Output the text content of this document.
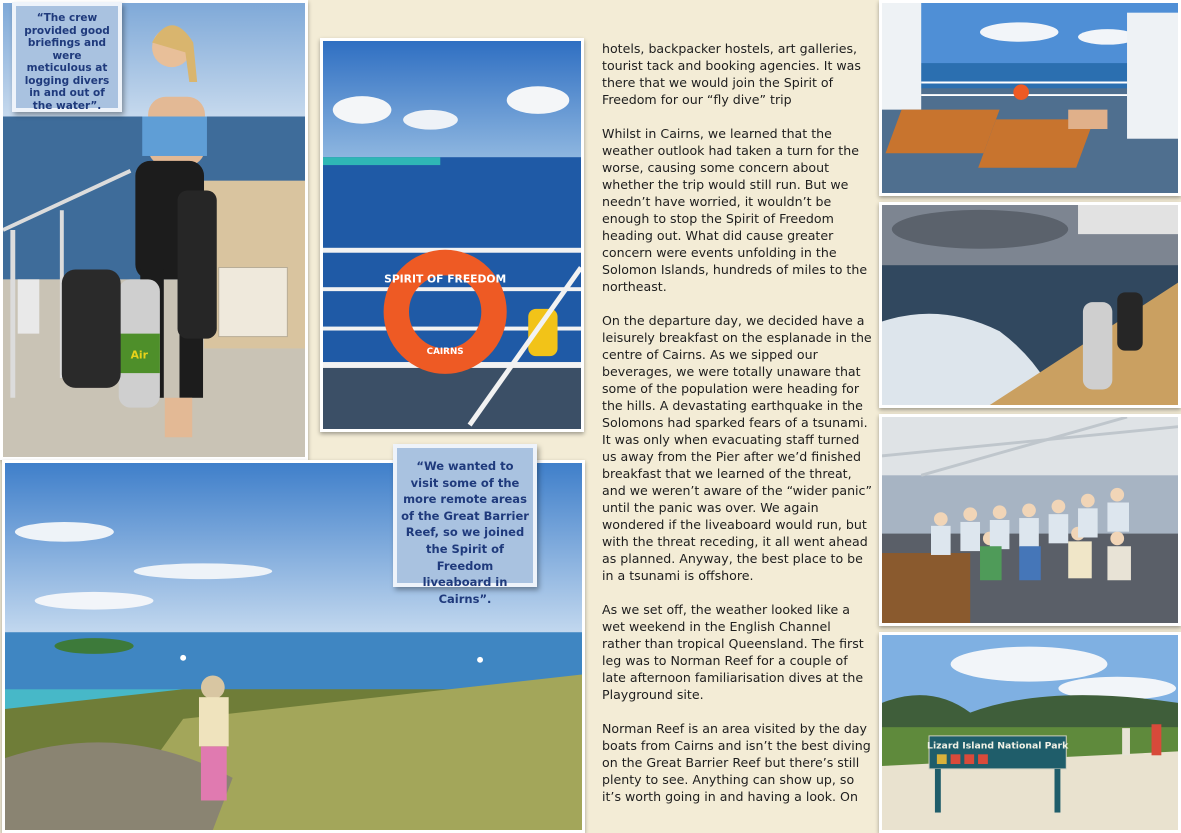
Air
“The crew provided good briefings and were meticulous at logging divers in and out of the water”.
SPIRIT OF FREEDOM
CAIRNS
“We wanted to visit some of the more remote areas of the Great Barrier Reef, so we joined the Spirit of Freedom liveaboard in Cairns”.

hotels, backpacker hostels, art galleries, tourist tack and booking agencies. It was there that we would join the Spirit of Freedom for our “fly dive” trip

Whilst in Cairns, we learned that the weather outlook had taken a turn for the worse, causing some concern about whether the trip would still run. But we needn’t have worried, it wouldn’t be enough to stop the Spirit of Freedom heading out. What did cause greater concern were events unfolding in the Solomon Islands, hundreds of miles to the northeast.

On the departure day, we decided have a leisurely breakfast on the esplanade in the centre of Cairns. As we sipped our beverages, we were totally unaware that some of the population were heading for the hills. A devastating earthquake in the Solomons had sparked fears of a tsunami. It was only when evacuating staff turned us away from the Pier after we’d finished breakfast that we learned of the threat, and we weren’t aware of the “wider panic” until the panic was over. We again wondered if the liveaboard would run, but with the threat receding, it all went ahead as planned. Anyway, the best place to be in a tsunami is offshore.

As we set off, the weather looked like a wet weekend in the English Channel rather than tropical Queensland. The first leg was to Norman Reef for a couple of late afternoon familiarisation dives at the Playground site.

Norman Reef is an area visited by the day boats from Cairns and isn’t the best diving on the Great Barrier Reef but there’s still plenty to see. Anything can show up, so it’s worth going in and having a look. On

Lizard Island National Park
